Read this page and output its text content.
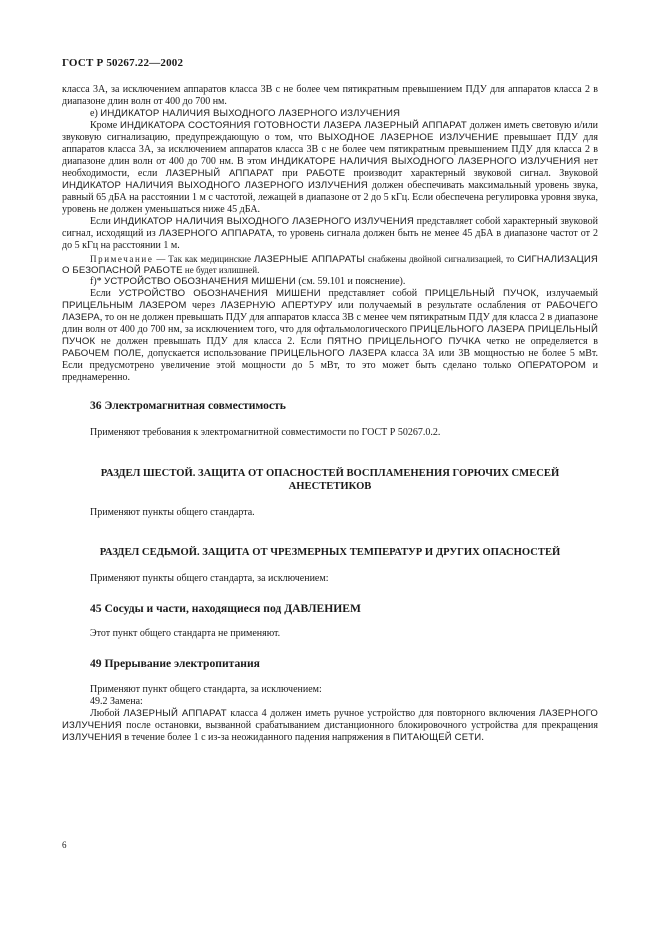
ГОСТ Р 50267.22—2002

класса 3А, за исключением аппаратов класса 3В с не более чем пятикратным превышением ПДУ для аппаратов класса 2 в диапазоне длин волн от 400 до 700 нм.

е) ИНДИКАТОР НАЛИЧИЯ ВЫХОДНОГО ЛАЗЕРНОГО ИЗЛУЧЕНИЯ

Кроме ИНДИКАТОРА СОСТОЯНИЯ ГОТОВНОСТИ ЛАЗЕРА ЛАЗЕРНЫЙ АППАРАТ должен иметь световую и/или звуковую сигнализацию, предупреждающую о том, что ВЫХОДНОЕ ЛАЗЕРНОЕ ИЗЛУЧЕНИЕ превышает ПДУ для аппаратов класса 3А, за исключением аппаратов класса 3В с не более чем пятикратным превышением ПДУ для класса 2 в диапазоне длин волн от 400 до 700 нм. В этом ИНДИКАТОРЕ НАЛИЧИЯ ВЫХОДНОГО ЛАЗЕРНОГО ИЗЛУЧЕНИЯ нет необходимости, если ЛАЗЕРНЫЙ АППАРАТ при РАБОТЕ производит характерный звуковой сигнал. Звуковой ИНДИКАТОР НАЛИЧИЯ ВЫХОДНОГО ЛАЗЕРНОГО ИЗЛУЧЕНИЯ должен обеспечивать максимальный уровень звука, равный 65 дБА на расстоянии 1 м с частотой, лежащей в диапазоне от 2 до 5 кГц. Если обеспечена регулировка уровня звука, уровень не должен уменьшаться ниже 45 дБА.

Если ИНДИКАТОР НАЛИЧИЯ ВЫХОДНОГО ЛАЗЕРНОГО ИЗЛУЧЕНИЯ представляет собой характерный звуковой сигнал, исходящий из ЛАЗЕРНОГО АППАРАТА, то уровень сигнала должен быть не менее 45 дБА в диапазоне частот от 2 до 5 кГц на расстоянии 1 м.

Примечание — Так как медицинские ЛАЗЕРНЫЕ АППАРАТЫ снабжены двойной сигнализацией, то СИГНАЛИЗАЦИЯ О БЕЗОПАСНОЙ РАБОТЕ не будет излишней.

f)* УСТРОЙСТВО ОБОЗНАЧЕНИЯ МИШЕНИ (см. 59.101 и пояснение).

Если УСТРОЙСТВО ОБОЗНАЧЕНИЯ МИШЕНИ представляет собой ПРИЦЕЛЬНЫЙ ПУЧОК, излучаемый ПРИЦЕЛЬНЫМ ЛАЗЕРОМ через ЛАЗЕРНУЮ АПЕРТУРУ или получаемый в результате ослабления от РАБОЧЕГО ЛАЗЕРА, то он не должен превышать ПДУ для аппаратов класса 3В с менее чем пятикратным ПДУ для класса 2 в диапазоне длин волн от 400 до 700 нм, за исключением того, что для офтальмологического ПРИЦЕЛЬНОГО ЛАЗЕРА ПРИЦЕЛЬНЫЙ ПУЧОК не должен превышать ПДУ для класса 2. Если ПЯТНО ПРИЦЕЛЬНОГО ПУЧКА четко не определяется в РАБОЧЕМ ПОЛЕ, допускается использование ПРИЦЕЛЬНОГО ЛАЗЕРА класса 3А или 3В мощностью не более 5 мВт. Если предусмотрено увеличение этой мощности до 5 мВт, то это может быть сделано только ОПЕРАТОРОМ и преднамеренно.

36 Электромагнитная совместимость

Применяют требования к электромагнитной совместимости по ГОСТ Р 50267.0.2.

РАЗДЕЛ ШЕСТОЙ. ЗАЩИТА ОТ ОПАСНОСТЕЙ ВОСПЛАМЕНЕНИЯ ГОРЮЧИХ СМЕСЕЙ АНЕСТЕТИКОВ

Применяют пункты общего стандарта.

РАЗДЕЛ СЕДЬМОЙ. ЗАЩИТА ОТ ЧРЕЗМЕРНЫХ ТЕМПЕРАТУР И ДРУГИХ ОПАСНОСТЕЙ

Применяют пункты общего стандарта, за исключением:

45 Сосуды и части, находящиеся под ДАВЛЕНИЕМ

Этот пункт общего стандарта не применяют.

49 Прерывание электропитания

Применяют пункт общего стандарта, за исключением:

49.2 Замена:

Любой ЛАЗЕРНЫЙ АППАРАТ класса 4 должен иметь ручное устройство для повторного включения ЛАЗЕРНОГО ИЗЛУЧЕНИЯ после остановки, вызванной срабатыванием дистанционного блокировочного устройства для прекращения ИЗЛУЧЕНИЯ в течение более 1 с из-за неожиданного падения напряжения в ПИТАЮЩЕЙ СЕТИ.

6
